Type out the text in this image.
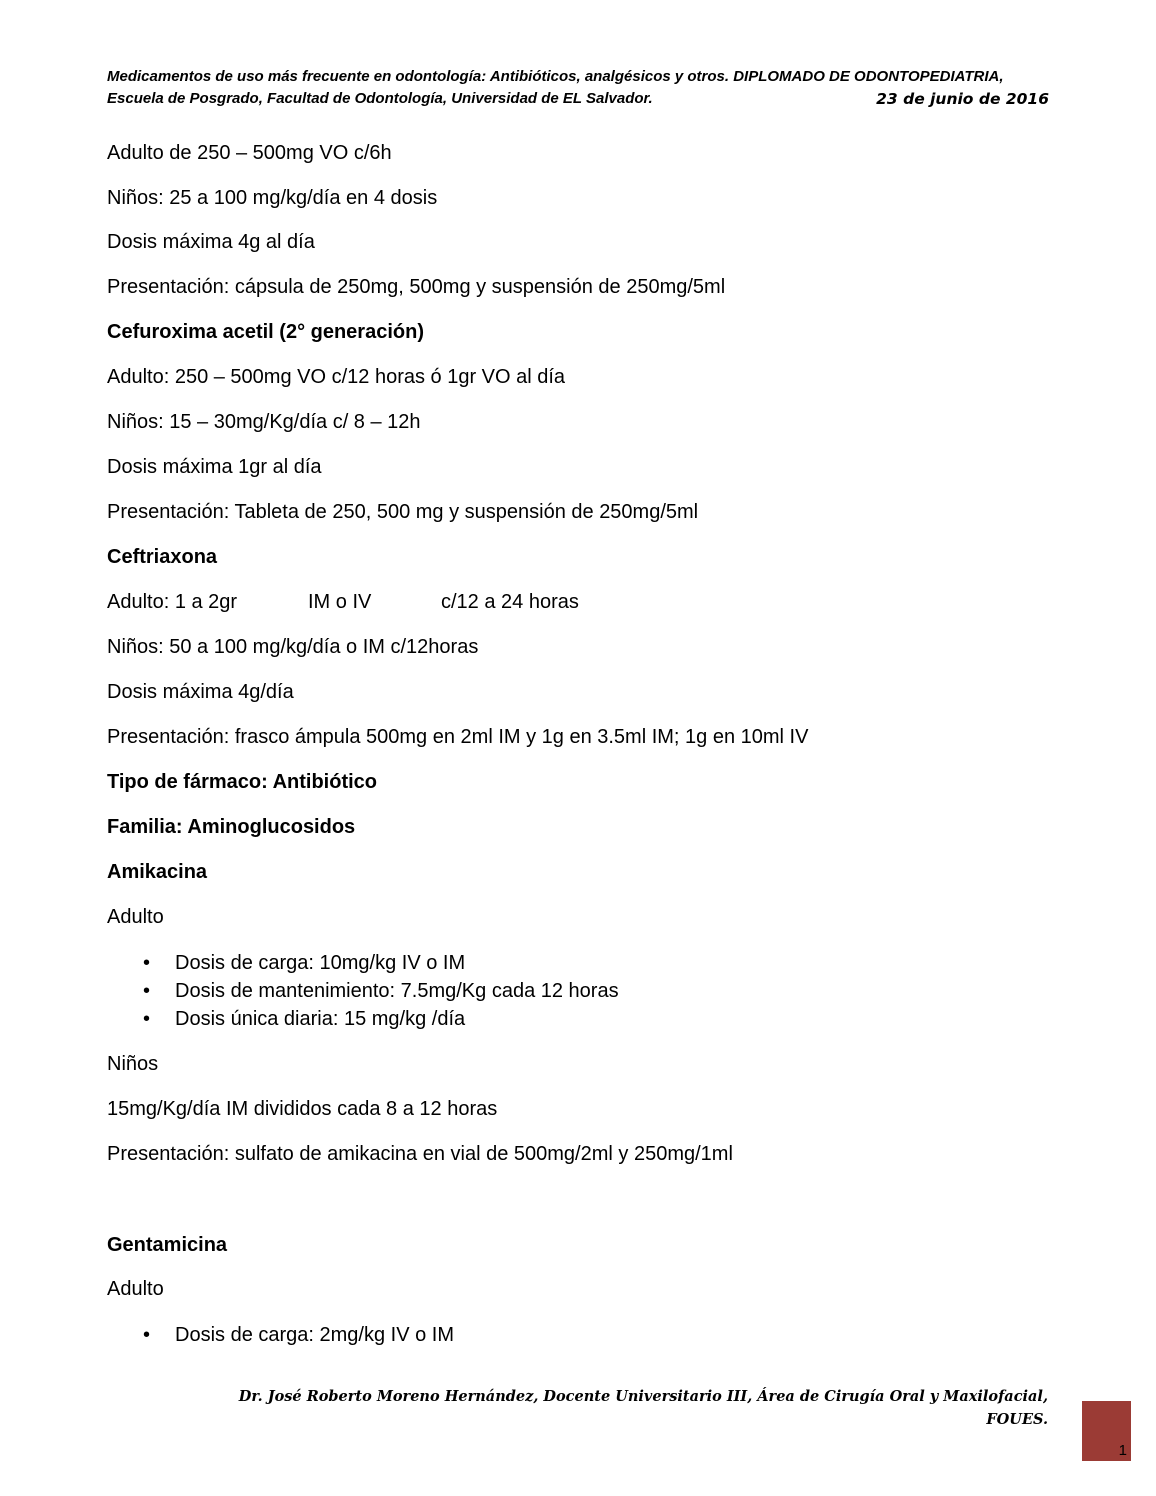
Medicamentos de uso más frecuente en odontología: Antibióticos, analgésicos y otros. DIPLOMADO DE ODONTOPEDIATRIA,
Escuela de Posgrado, Facultad de Odontología, Universidad de EL Salvador.	23 de junio de 2016
Adulto de 250 – 500mg VO c/6h
Niños: 25 a 100 mg/kg/día en 4 dosis
Dosis máxima 4g al día
Presentación: cápsula de 250mg, 500mg y suspensión de 250mg/5ml
Cefuroxima acetil (2° generación)
Adulto: 250 – 500mg VO c/12 horas ó 1gr VO al día
Niños: 15 – 30mg/Kg/día c/ 8 – 12h
Dosis máxima 1gr al día
Presentación: Tableta de 250, 500 mg y suspensión de 250mg/5ml
Ceftriaxona
Adulto: 1 a 2gr	IM o IV	c/12 a 24 horas
Niños: 50 a 100 mg/kg/día o IM c/12horas
Dosis máxima 4g/día
Presentación: frasco ámpula 500mg en 2ml IM y 1g en 3.5ml IM; 1g en 10ml IV
Tipo de fármaco: Antibiótico
Familia: Aminoglucosidos
Amikacina
Adulto
• Dosis de carga: 10mg/kg IV o IM
• Dosis de mantenimiento: 7.5mg/Kg cada 12 horas
• Dosis única diaria: 15 mg/kg /día
Niños
15mg/Kg/día IM divididos cada 8 a 12 horas
Presentación: sulfato de amikacina en vial de 500mg/2ml y 250mg/1ml
Gentamicina
Adulto
• Dosis de carga: 2mg/kg IV o IM
Dr. José Roberto Moreno Hernández, Docente Universitario III, Área de Cirugía Oral y Maxilofacial,
FOUES.
1
